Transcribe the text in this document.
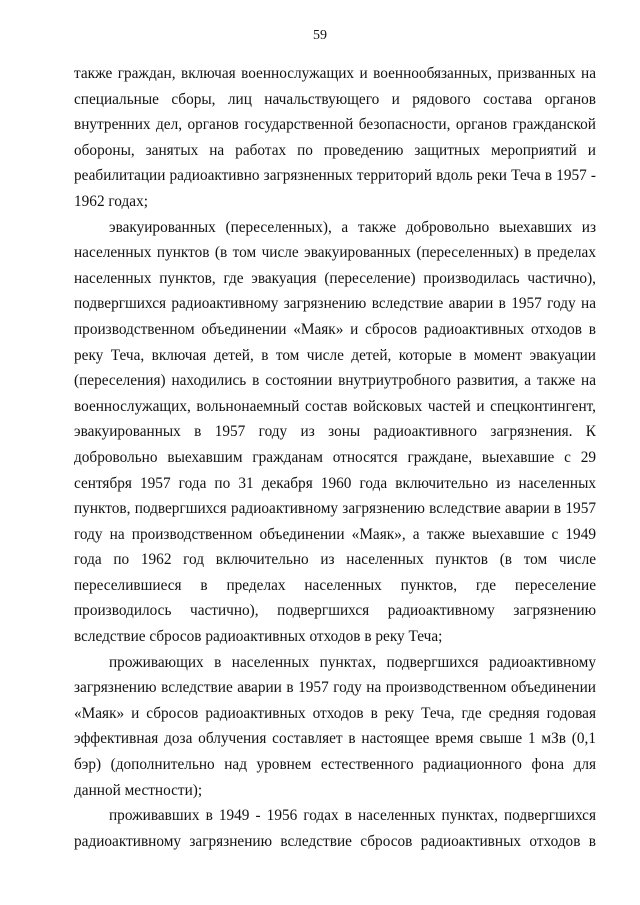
59
также граждан, включая военнослужащих и военнообязанных, призванных на
специальные сборы, лиц начальствующего и рядового состава органов
внутренних дел, органов государственной безопасности, органов гражданской
обороны, занятых на работах по проведению защитных мероприятий и
реабилитации радиоактивно загрязненных территорий вдоль реки Теча в 1957 -
1962 годах;
эвакуированных (переселенных), а также добровольно выехавших из
населенных пунктов (в том числе эвакуированных (переселенных) в пределах
населенных пунктов, где эвакуация (переселение) производилась частично),
подвергшихся радиоактивному загрязнению вследствие аварии в 1957 году на
производственном объединении «Маяк» и сбросов радиоактивных отходов в
реку Теча, включая детей, в том числе детей, которые в момент эвакуации
(переселения) находились в состоянии внутриутробного развития, а также на
военнослужащих, вольнонаемный состав войсковых частей и спецконтингент,
эвакуированных в 1957 году из зоны радиоактивного загрязнения. К
добровольно выехавшим гражданам относятся граждане, выехавшие с 29
сентября 1957 года по 31 декабря 1960 года включительно из населенных
пунктов, подвергшихся радиоактивному загрязнению вследствие аварии в 1957
году на производственном объединении «Маяк», а также выехавшие с 1949
года по 1962 год включительно из населенных пунктов (в том числе
переселившиеся в пределах населенных пунктов, где переселение
производилось частично), подвергшихся радиоактивному загрязнению
вследствие сбросов радиоактивных отходов в реку Теча;
проживающих в населенных пунктах, подвергшихся радиоактивному
загрязнению вследствие аварии в 1957 году на производственном объединении
«Маяк» и сбросов радиоактивных отходов в реку Теча, где средняя годовая
эффективная доза облучения составляет в настоящее время свыше 1 мЗв (0,1
бэр) (дополнительно над уровнем естественного радиационного фона для
данной местности);
проживавших в 1949 - 1956 годах в населенных пунктах, подвергшихся
радиоактивному загрязнению вследствие сбросов радиоактивных отходов в
